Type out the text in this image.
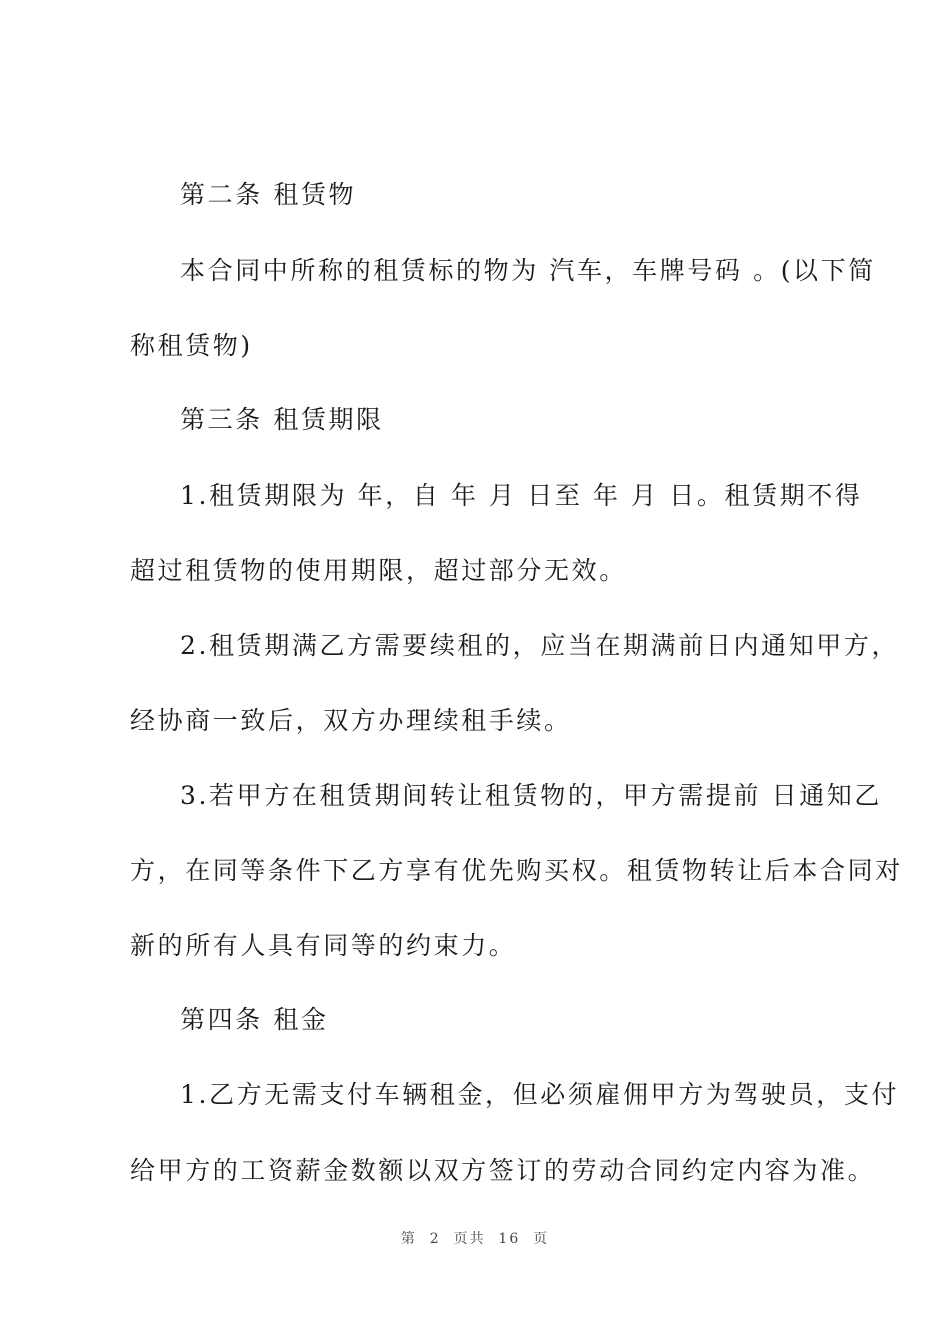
第二条 租赁物
本合同中所称的租赁标的物为 汽车，车牌号码 。(以下简
称租赁物)
第三条 租赁期限
1.租赁期限为 年，自 年 月 日至 年 月 日。租赁期不得
超过租赁物的使用期限，超过部分无效。
2.租赁期满乙方需要续租的，应当在期满前日内通知甲方，
经协商一致后，双方办理续租手续。
3.若甲方在租赁期间转让租赁物的，甲方需提前 日通知乙
方，在同等条件下乙方享有优先购买权。租赁物转让后本合同对
新的所有人具有同等的约束力。
第四条 租金
1.乙方无需支付车辆租金，但必须雇佣甲方为驾驶员，支付
给甲方的工资薪金数额以双方签订的劳动合同约定内容为准。
第  2  页共  16  页
